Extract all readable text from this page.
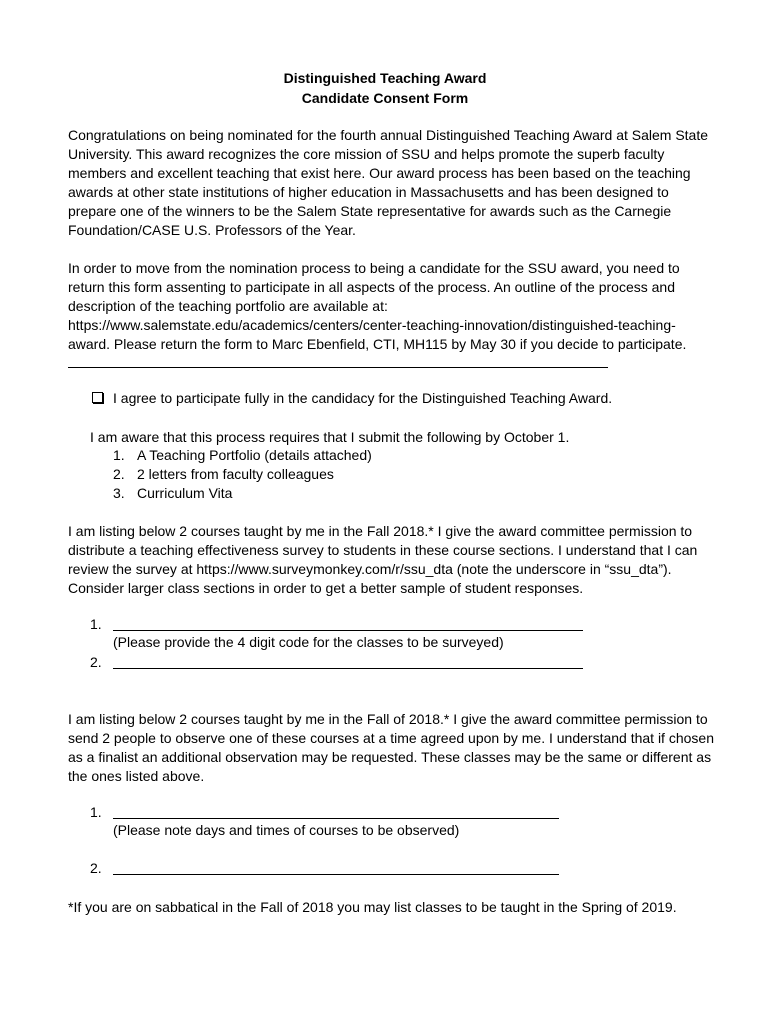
Distinguished Teaching Award
Candidate Consent Form

Congratulations on being nominated for the fourth annual Distinguished Teaching Award at Salem State University. This award recognizes the core mission of SSU and helps promote the superb faculty members and excellent teaching that exist here. Our award process has been based on the teaching awards at other state institutions of higher education in Massachusetts and has been designed to prepare one of the winners to be the Salem State representative for awards such as the Carnegie Foundation/CASE U.S. Professors of the Year.

In order to move from the nomination process to being a candidate for the SSU award, you need to return this form assenting to participate in all aspects of the process. An outline of the process and description of the teaching portfolio are available at: https://www.salemstate.edu/academics/centers/center-teaching-innovation/distinguished-teaching-award. Please return the form to Marc Ebenfield, CTI, MH115 by May 30 if you decide to participate.

I agree to participate fully in the candidacy for the Distinguished Teaching Award.
I am aware that this process requires that I submit the following by October 1.
1. A Teaching Portfolio (details attached)
2. 2 letters from faculty colleagues
3. Curriculum Vita

I am listing below 2 courses taught by me in the Fall 2018.* I give the award committee permission to distribute a teaching effectiveness survey to students in these course sections. I understand that I can review the survey at https://www.surveymonkey.com/r/ssu_dta (note the underscore in “ssu_dta”). Consider larger class sections in order to get a better sample of student responses.

1.
(Please provide the 4 digit code for the classes to be surveyed)
2.

I am listing below 2 courses taught by me in the Fall of 2018.* I give the award committee permission to send 2 people to observe one of these courses at a time agreed upon by me. I understand that if chosen as a finalist an additional observation may be requested. These classes may be the same or different as the ones listed above.

1.
(Please note days and times of courses to be observed)
2.
*If you are on sabbatical in the Fall of 2018 you may list classes to be taught in the Spring of 2019.
